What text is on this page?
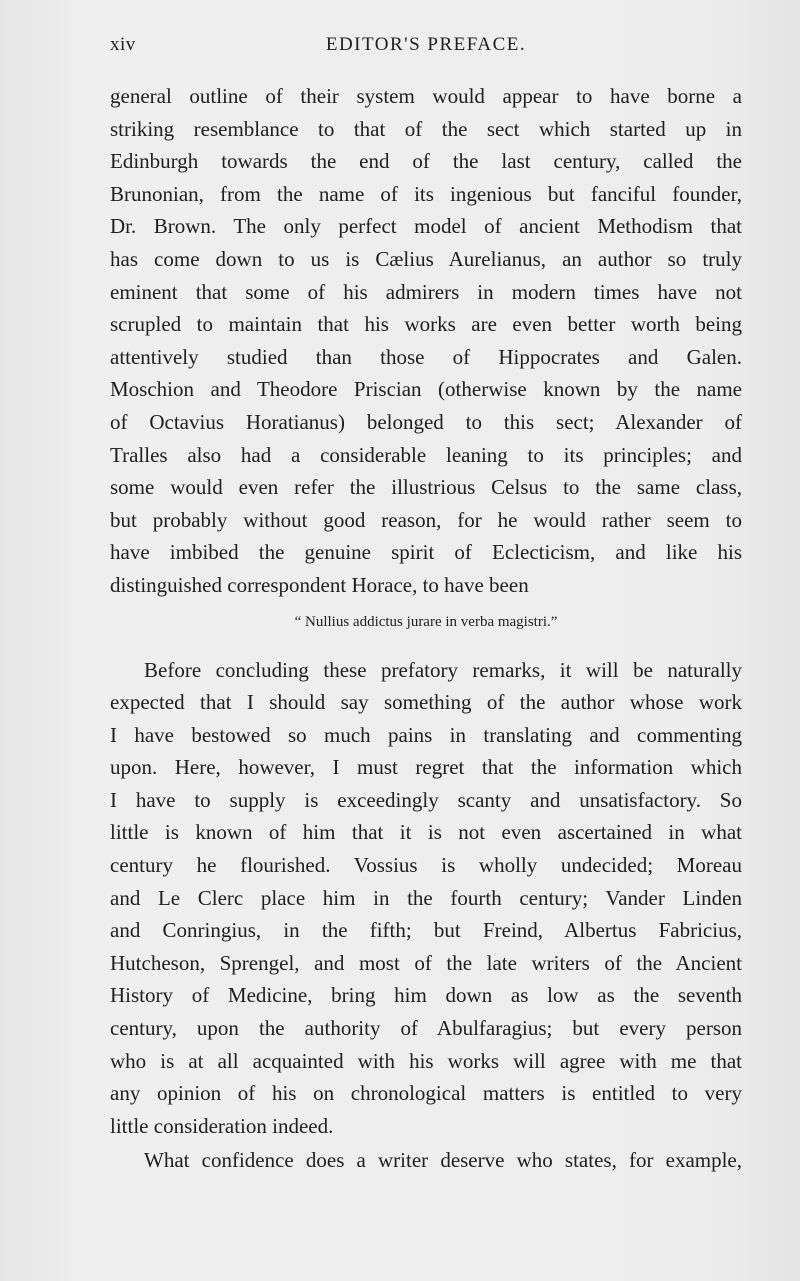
xiv	EDITOR'S PREFACE.
general outline of their system would appear to have borne a
striking resemblance to that of the sect which started up in
Edinburgh towards the end of the last century, called the
Brunonian, from the name of its ingenious but fanciful founder,
Dr. Brown. The only perfect model of ancient Methodism that
has come down to us is Cælius Aurelianus, an author so truly
eminent that some of his admirers in modern times have not
scrupled to maintain that his works are even better worth being
attentively studied than those of Hippocrates and Galen.
Moschion and Theodore Priscian (otherwise known by the name
of Octavius Horatianus) belonged to this sect; Alexander of
Tralles also had a considerable leaning to its principles; and
some would even refer the illustrious Celsus to the same class,
but probably without good reason, for he would rather seem to
have imbibed the genuine spirit of Eclecticism, and like his
distinguished correspondent Horace, to have been
“ Nullius addictus jurare in verba magistri.”
Before concluding these prefatory remarks, it will be naturally
expected that I should say something of the author whose work
I have bestowed so much pains in translating and commenting
upon. Here, however, I must regret that the information which
I have to supply is exceedingly scanty and unsatisfactory. So
little is known of him that it is not even ascertained in what
century he flourished. Vossius is wholly undecided; Moreau
and Le Clerc place him in the fourth century; Vander Linden
and Conringius, in the fifth; but Freind, Albertus Fabricius,
Hutcheson, Sprengel, and most of the late writers of the Ancient
History of Medicine, bring him down as low as the seventh
century, upon the authority of Abulfaragius; but every person
who is at all acquainted with his works will agree with me that
any opinion of his on chronological matters is entitled to very
little consideration indeed.
What confidence does a writer deserve who states, for example,
